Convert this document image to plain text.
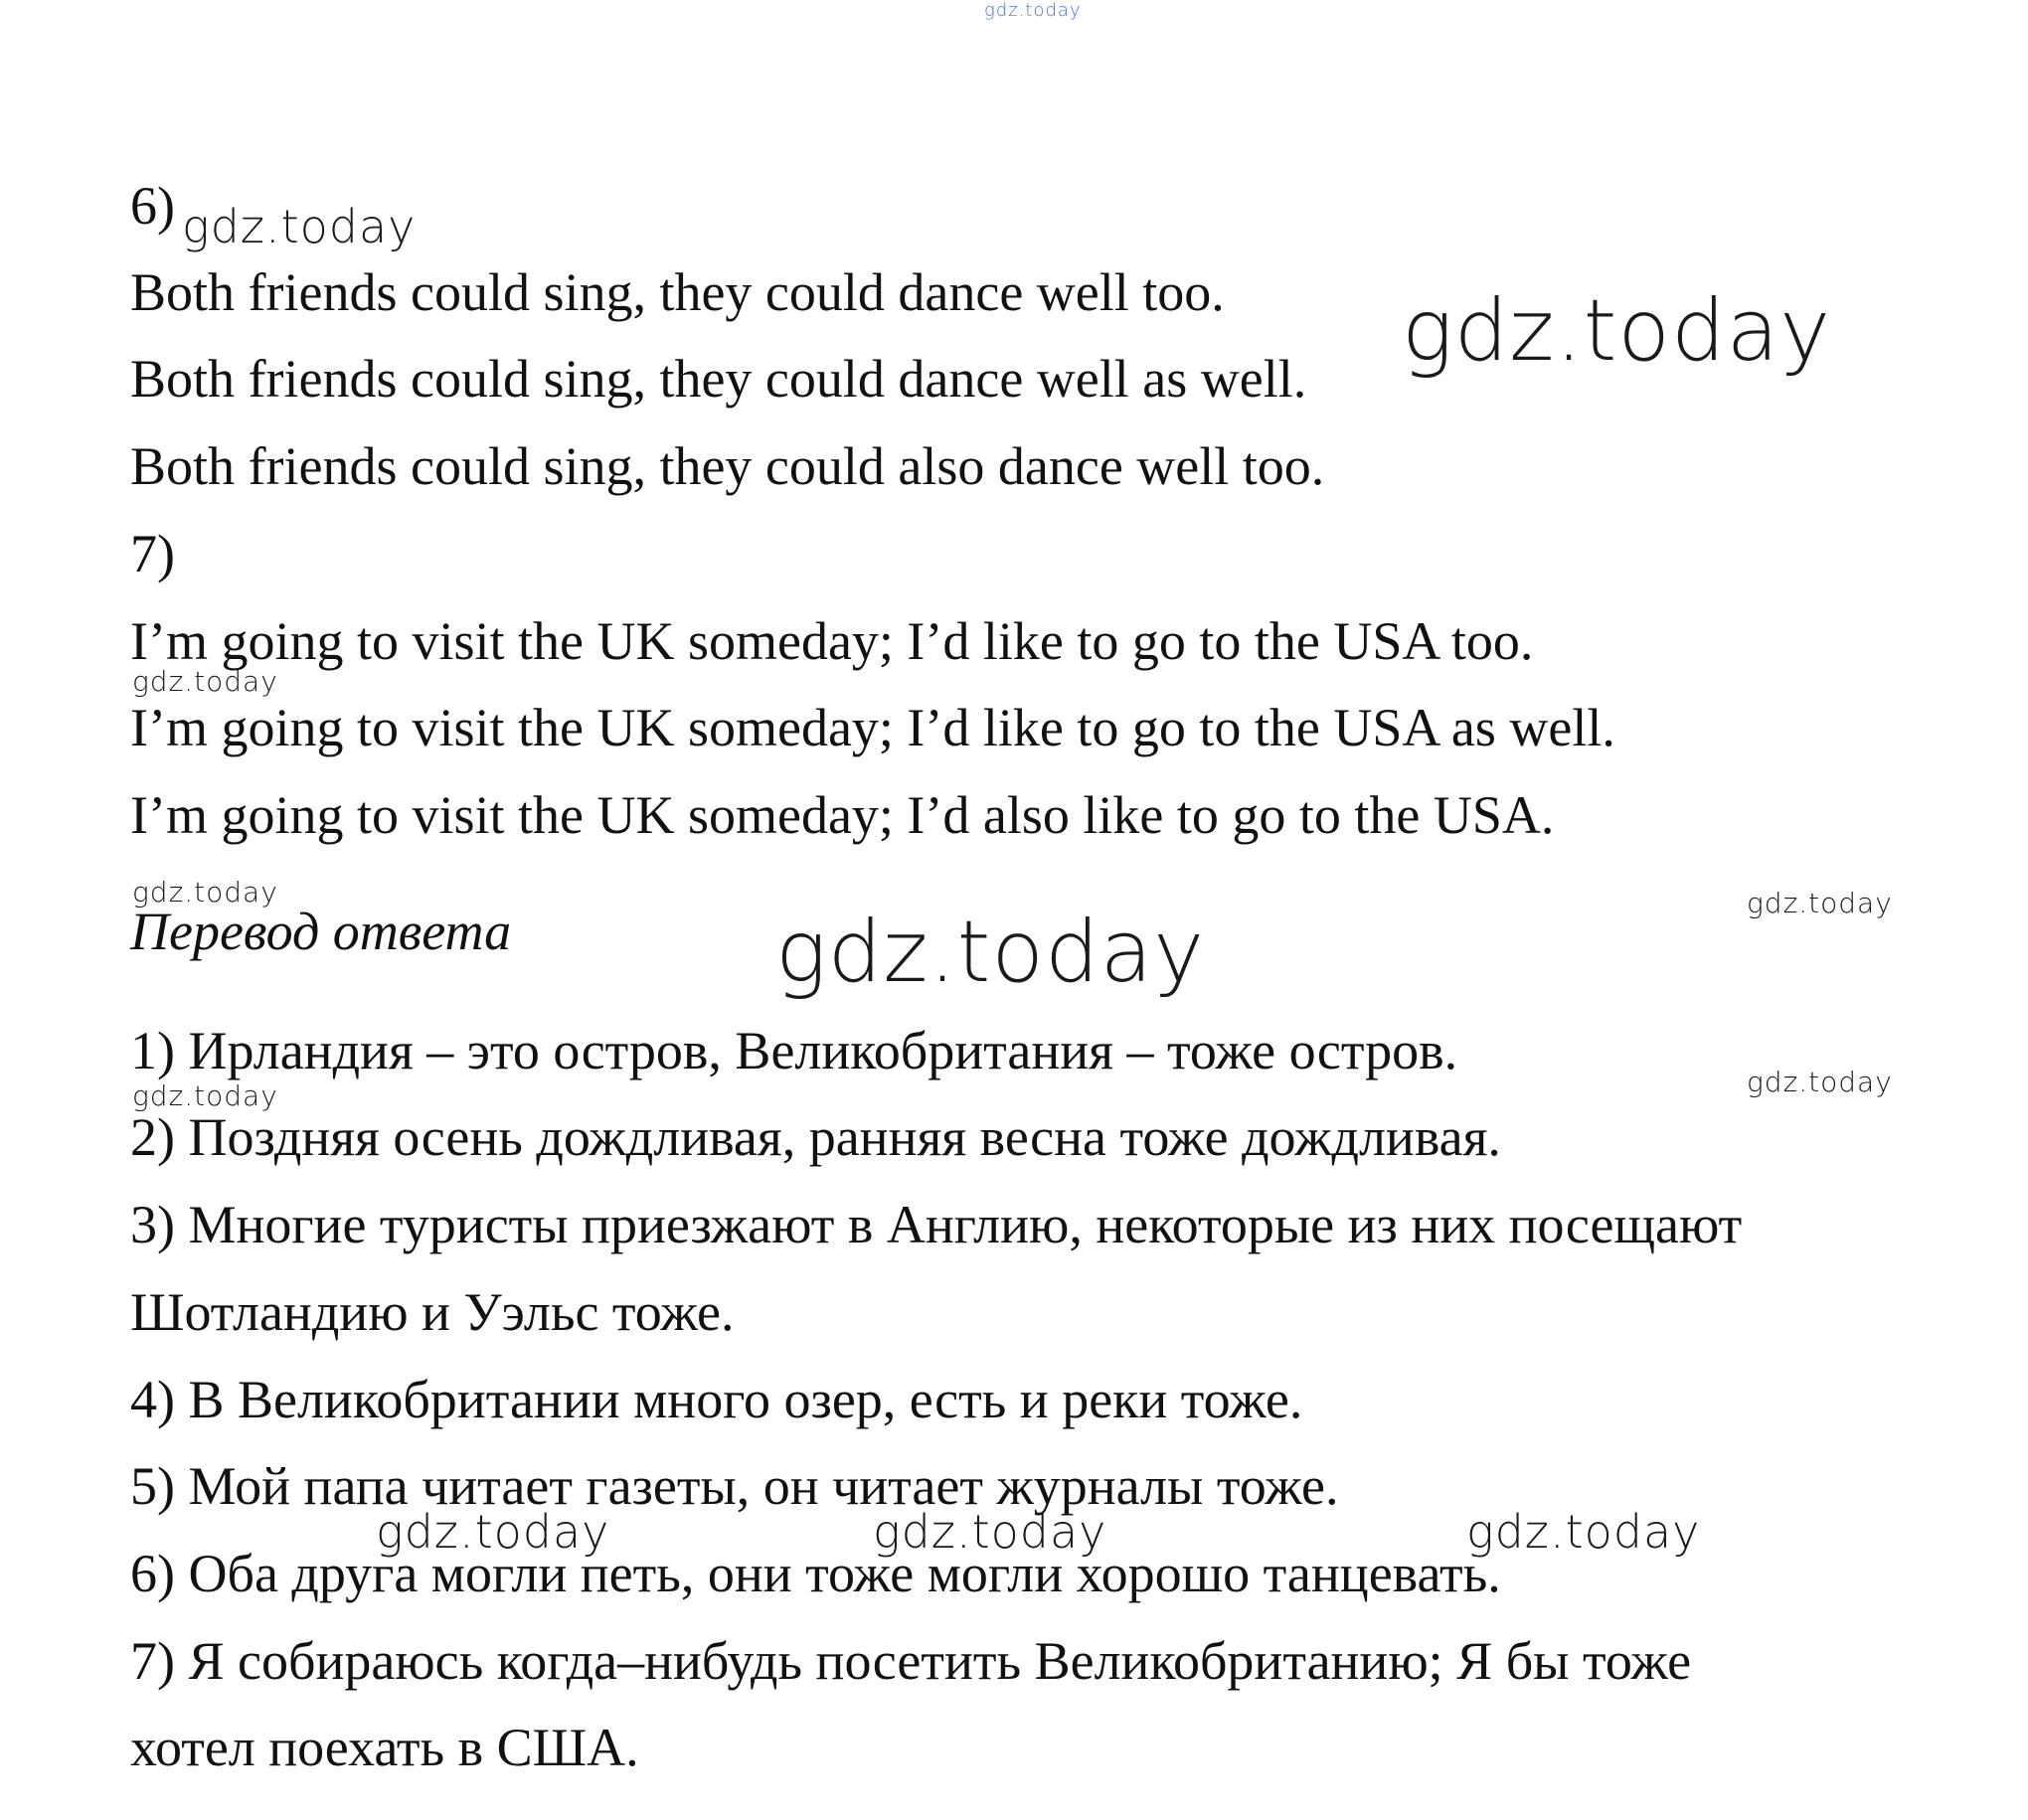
gdz.today
gdz.today
gdz.today
gdz.today
gdz.today	gdz.today
gdz.today
gdz.today	gdz.today
gdz.today	gdz.today	gdz.today
6)
Both friends could sing, they could dance well too.
Both friends could sing, they could dance well as well.
Both friends could sing, they could also dance well too.
7)
I’m going to visit the UK someday; I’d like to go to the USA too.
I’m going to visit the UK someday; I’d like to go to the USA as well.
I’m going to visit the UK someday; I’d also like to go to the USA.
Перевод ответа
1) Ирландия – это остров, Великобритания – тоже остров.
2) Поздняя осень дождливая, ранняя весна тоже дождливая.
3) Многие туристы приезжают в Англию, некоторые из них посещают
Шотландию и Уэльс тоже.
4) В Великобритании много озер, есть и реки тоже.
5) Мой папа читает газеты, он читает журналы тоже.
6) Оба друга могли петь, они тоже могли хорошо танцевать.
7) Я собираюсь когда–нибудь посетить Великобританию; Я бы тоже
хотел поехать в США.
